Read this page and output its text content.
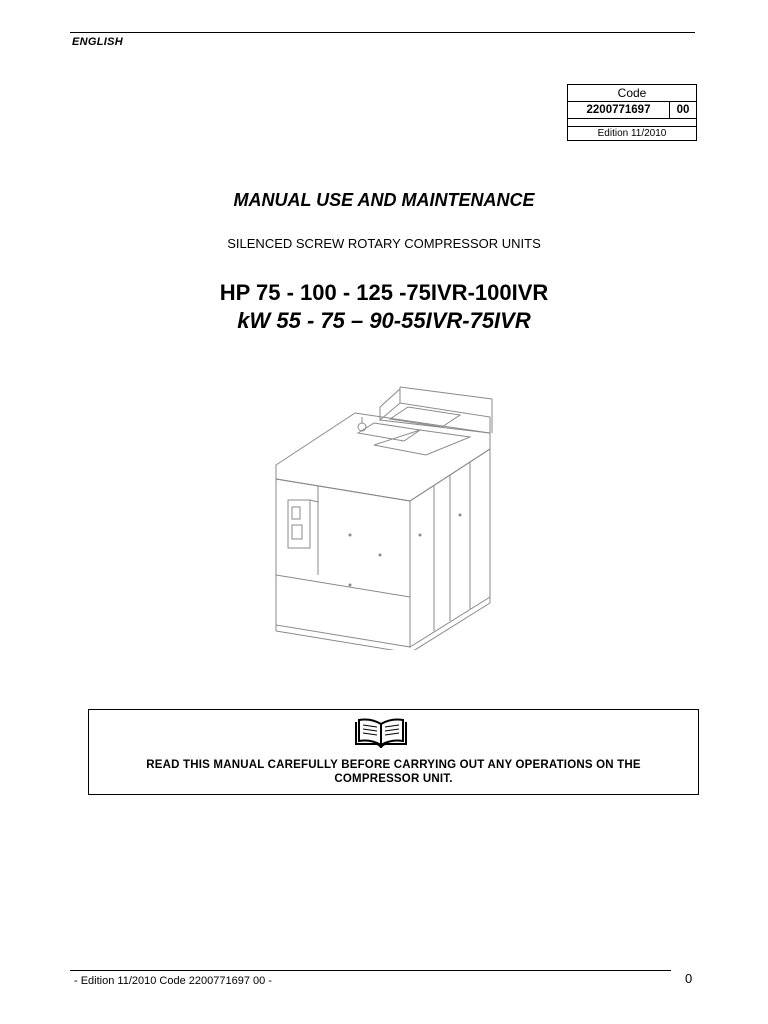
ENGLISH
Code
2200771697	00
Edition 11/2010
MANUAL USE AND MAINTENANCE
SILENCED SCREW ROTARY COMPRESSOR UNITS
HP 75 - 100 - 125 -75IVR-100IVR
kW 55 - 75 – 90-55IVR-75IVR
READ THIS MANUAL CAREFULLY BEFORE CARRYING OUT ANY OPERATIONS ON THE
COMPRESSOR UNIT.
- Edition 11/2010 Code 2200771697 00 -	0
